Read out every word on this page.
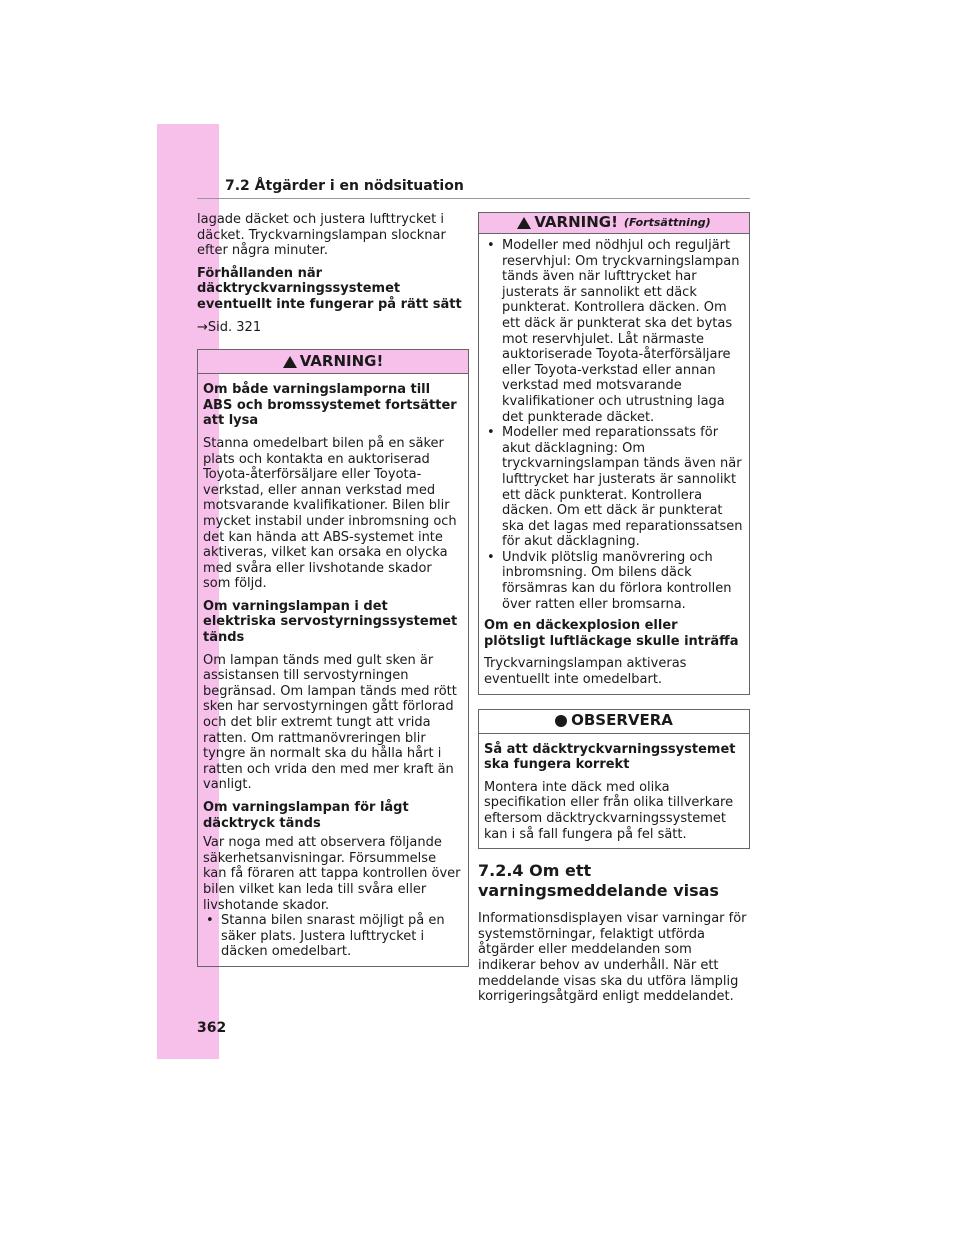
7.2 Åtgärder i en nödsituation

lagade däcket och justera lufttrycket i däcket. Tryckvarningslampan slocknar efter några minuter.

Förhållanden när däcktryckvarningssystemet eventuellt inte fungerar på rätt sätt

→Sid. 321

VARNING!

Om både varningslamporna till ABS och bromssystemet fortsätter att lysa

Stanna omedelbart bilen på en säker plats och kontakta en auktoriserad Toyota-återförsäljare eller Toyota-verkstad, eller annan verkstad med motsvarande kvalifikationer. Bilen blir mycket instabil under inbromsning och det kan hända att ABS-systemet inte aktiveras, vilket kan orsaka en olycka med svåra eller livshotande skador som följd.

Om varningslampan i det elektriska servostyrningssystemet tänds

Om lampan tänds med gult sken är assistansen till servostyrningen begränsad. Om lampan tänds med rött sken har servostyrningen gått förlorad och det blir extremt tungt att vrida ratten. Om rattmanövreringen blir tyngre än normalt ska du hålla hårt i ratten och vrida den med mer kraft än vanligt.

Om varningslampan för lågt däcktryck tänds

Var noga med att observera följande säkerhetsanvisningar. Försummelse kan få föraren att tappa kontrollen över bilen vilket kan leda till svåra eller livshotande skador.

• Stanna bilen snarast möjligt på en säker plats. Justera lufttrycket i däcken omedelbart.
VARNING! (Fortsättning)
• Modeller med nödhjul och reguljärt reservhjul: Om tryckvarningslampan tänds även när lufttrycket har justerats är sannolikt ett däck punkterat. Kontrollera däcken. Om ett däck är punkterat ska det bytas mot reservhjulet. Låt närmaste auktoriserade Toyota-återförsäljare eller Toyota-verkstad eller annan verkstad med motsvarande kvalifikationer och utrustning laga det punkterade däcket.
• Modeller med reparationssats för akut däcklagning: Om tryckvarningslampan tänds även när lufttrycket har justerats är sannolikt ett däck punkterat. Kontrollera däcken. Om ett däck är punkterat ska det lagas med reparationssatsen för akut däcklagning.
• Undvik plötslig manövrering och inbromsning. Om bilens däck försämras kan du förlora kontrollen över ratten eller bromsarna.

Om en däckexplosion eller plötsligt luftläckage skulle inträffa

Tryckvarningslampan aktiveras eventuellt inte omedelbart.

OBSERVERA

Så att däcktryckvarningssystemet ska fungera korrekt

Montera inte däck med olika specifikation eller från olika tillverkare eftersom däcktryckvarningssystemet kan i så fall fungera på fel sätt.

7.2.4 Om ett varningsmeddelande visas

Informationsdisplayen visar varningar för systemstörningar, felaktigt utförda åtgärder eller meddelanden som indikerar behov av underhåll. När ett meddelande visas ska du utföra lämplig korrigeringsåtgärd enligt meddelandet.

362
